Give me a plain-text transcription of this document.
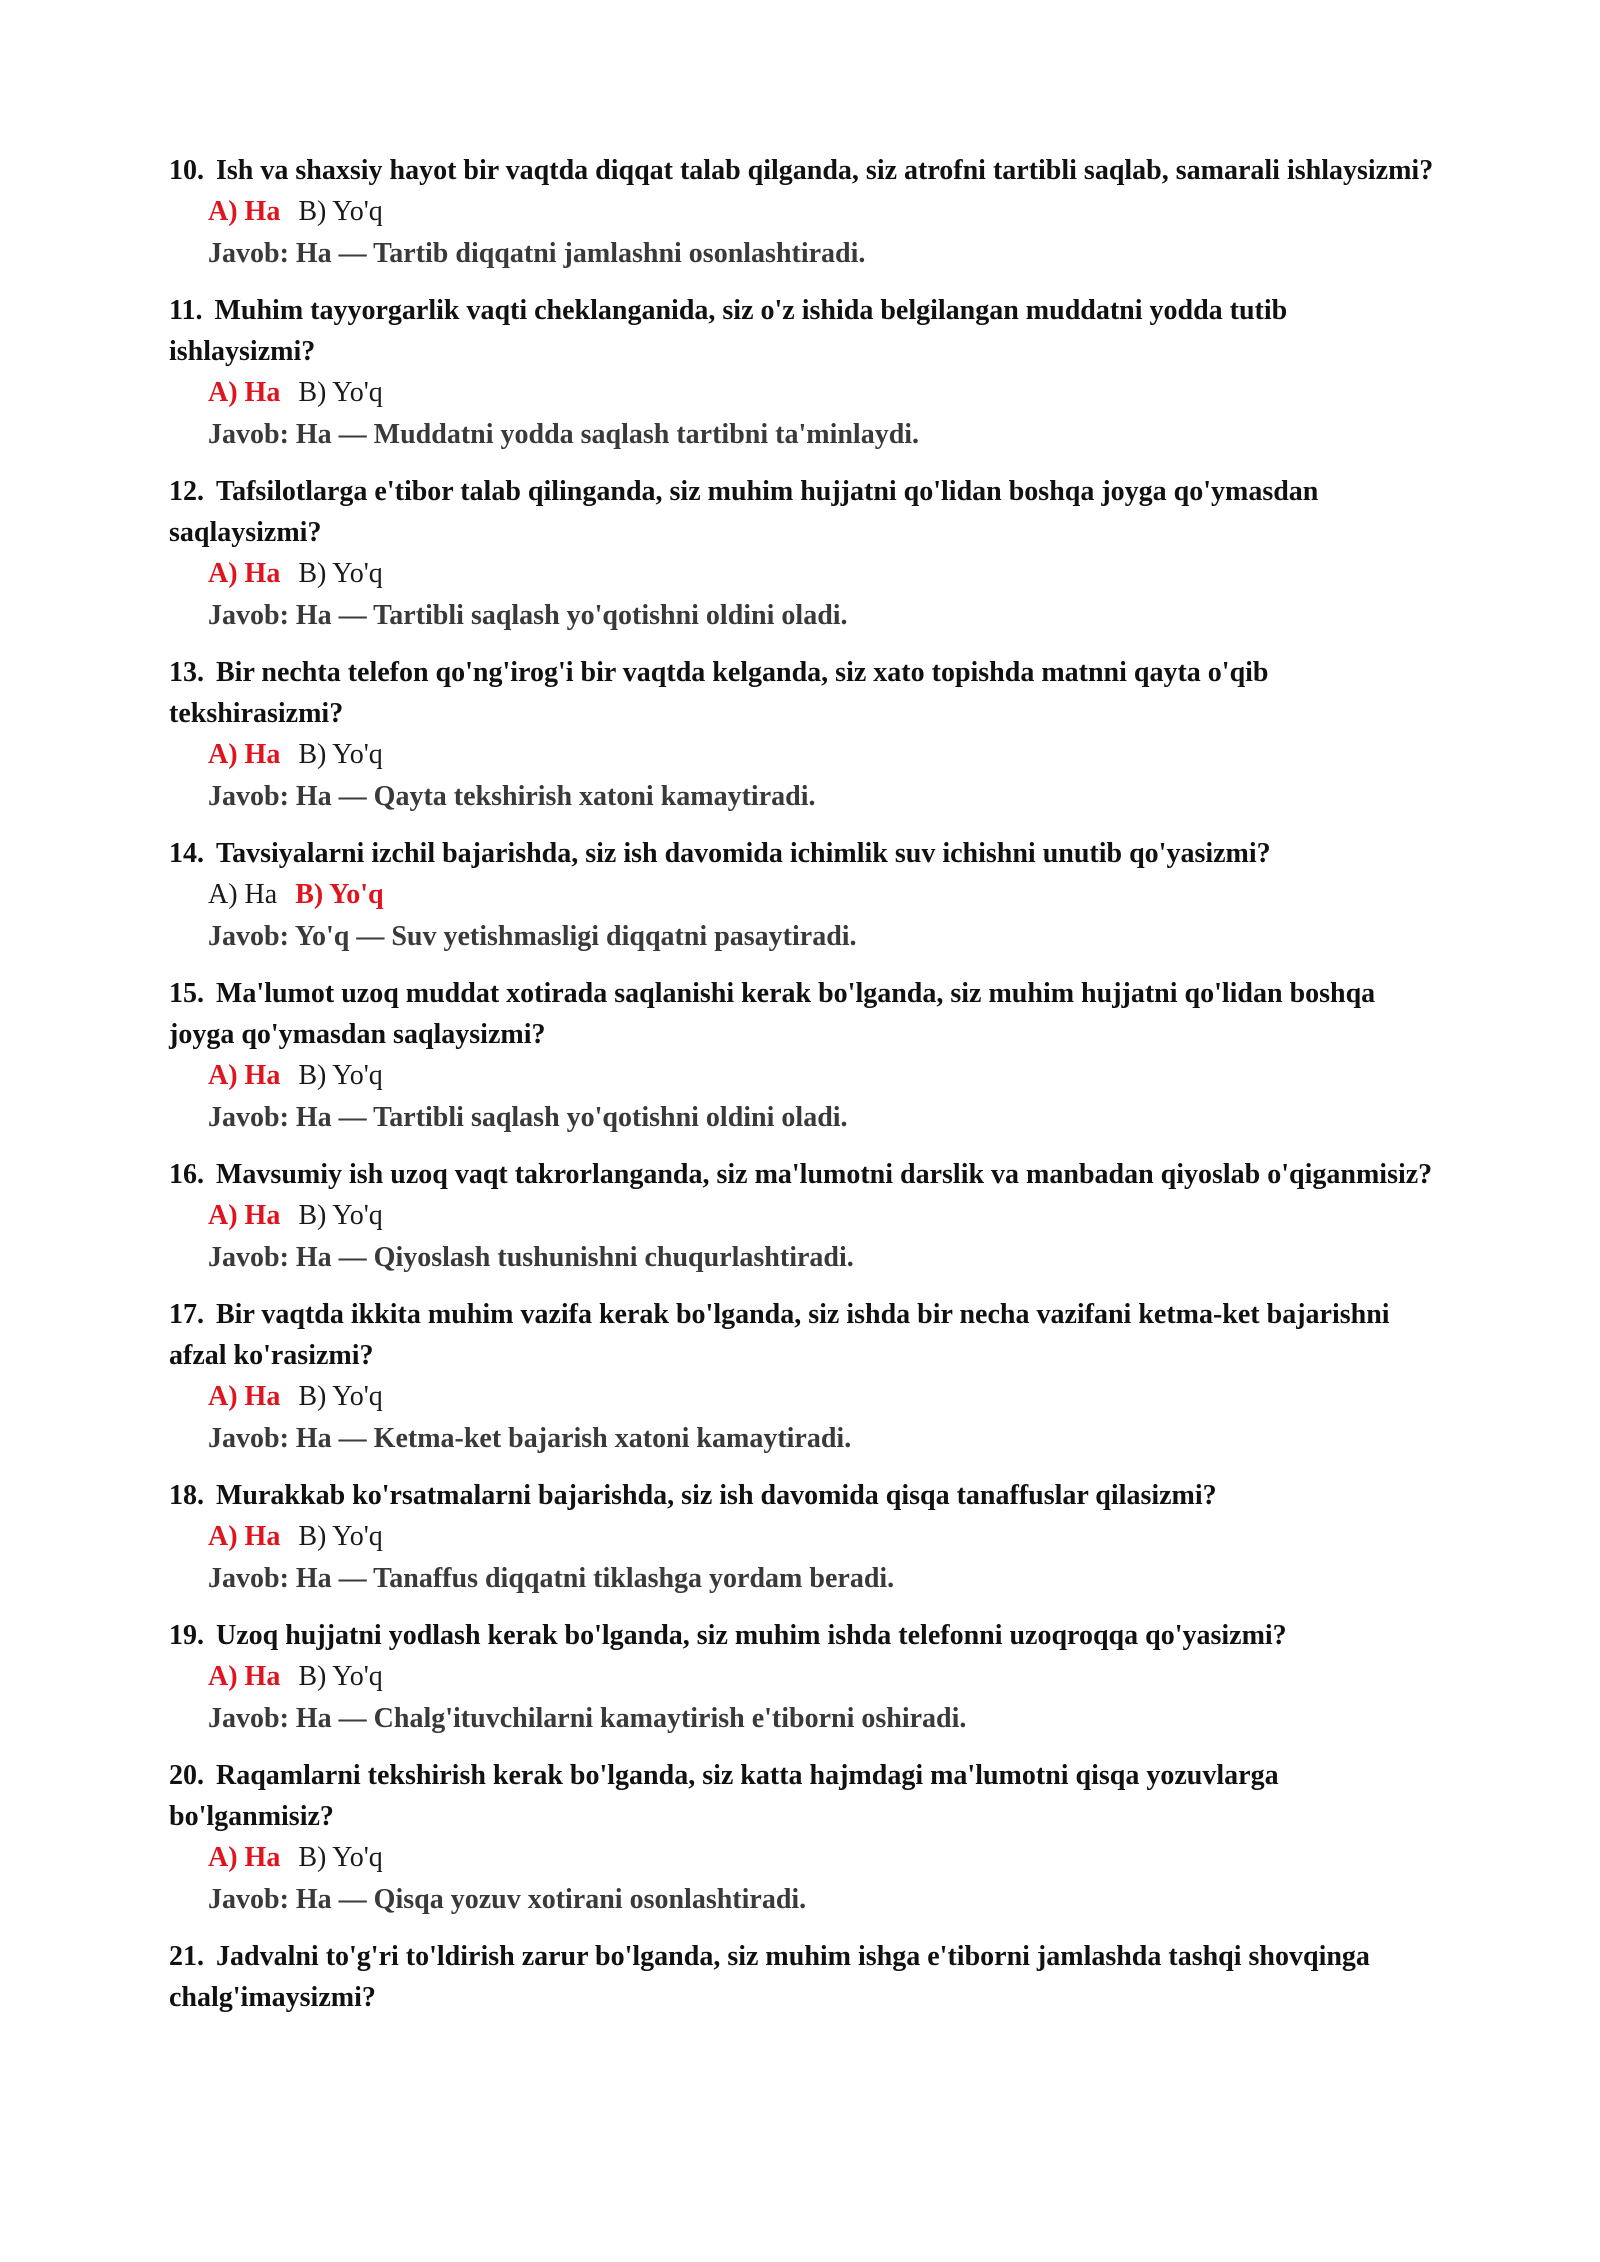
10. Ish va shaxsiy hayot bir vaqtda diqqat talab qilganda, siz atrofni tartibli saqlab, samarali ishlaysizmi?
A) Ha B) Yo'q
Javob: Ha — Tartib diqqatni jamlashni osonlashtiradi.
11. Muhim tayyorgarlik vaqti cheklanganida, siz o'z ishida belgilangan muddatni yodda tutib ishlaysizmi?
A) Ha B) Yo'q
Javob: Ha — Muddatni yodda saqlash tartibni ta'minlaydi.
12. Tafsilotlarga e'tibor talab qilinganda, siz muhim hujjatni qo'lidan boshqa joyga qo'ymasdan saqlaysizmi?
A) Ha B) Yo'q
Javob: Ha — Tartibli saqlash yo'qotishni oldini oladi.
13. Bir nechta telefon qo'ng'irog'i bir vaqtda kelganda, siz xato topishda matnni qayta o'qib tekshirasizmi?
A) Ha B) Yo'q
Javob: Ha — Qayta tekshirish xatoni kamaytiradi.
14. Tavsiyalarni izchil bajarishda, siz ish davomida ichimlik suv ichishni unutib qo'yasizmi?
A) Ha B) Yo'q
Javob: Yo'q — Suv yetishmasligi diqqatni pasaytiradi.
15. Ma'lumot uzoq muddat xotirada saqlanishi kerak bo'lganda, siz muhim hujjatni qo'lidan boshqa joyga qo'ymasdan saqlaysizmi?
A) Ha B) Yo'q
Javob: Ha — Tartibli saqlash yo'qotishni oldini oladi.
16. Mavsumiy ish uzoq vaqt takrorlanganda, siz ma'lumotni darslik va manbadan qiyoslab o'qiganmisiz?
A) Ha B) Yo'q
Javob: Ha — Qiyoslash tushunishni chuqurlashtiradi.
17. Bir vaqtda ikkita muhim vazifa kerak bo'lganda, siz ishda bir necha vazifani ketma-ket bajarishni afzal ko'rasizmi?
A) Ha B) Yo'q
Javob: Ha — Ketma-ket bajarish xatoni kamaytiradi.
18. Murakkab ko'rsatmalarni bajarishda, siz ish davomida qisqa tanaffuslar qilasizmi?
A) Ha B) Yo'q
Javob: Ha — Tanaffus diqqatni tiklashga yordam beradi.
19. Uzoq hujjatni yodlash kerak bo'lganda, siz muhim ishda telefonni uzoqroqqa qo'yasizmi?
A) Ha B) Yo'q
Javob: Ha — Chalg'ituvchilarni kamaytirish e'tiborni oshiradi.
20. Raqamlarni tekshirish kerak bo'lganda, siz katta hajmdagi ma'lumotni qisqa yozuvlarga bo'lganmisiz?
A) Ha B) Yo'q
Javob: Ha — Qisqa yozuv xotirani osonlashtiradi.
21. Jadvalni to'g'ri to'ldirish zarur bo'lganda, siz muhim ishga e'tiborni jamlashda tashqi shovqinga chalg'imaysizmi?
